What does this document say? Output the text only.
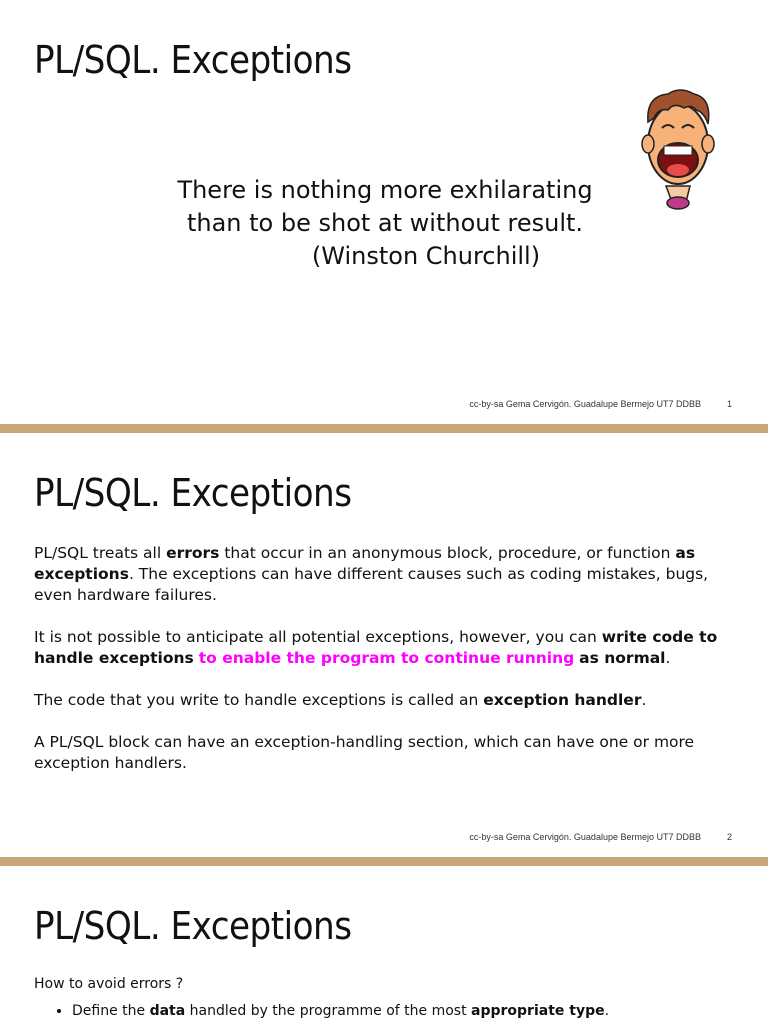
PL/SQL. Exceptions
There is nothing more exhilarating
than to be shot at without result.
(Winston Churchill)
cc-by-sa Gema Cervigón. Guadalupe Bermejo UT7 DDBB	1
PL/SQL. Exceptions

PL/SQL treats all errors that occur in an anonymous block, procedure, or function as exceptions. The exceptions can have different causes such as coding mistakes, bugs, even hardware failures.

It is not possible to anticipate all potential exceptions, however, you can write code to handle exceptions to enable the program to continue running as normal.

The code that you write to handle exceptions is called an exception handler.

A PL/SQL block can have an exception-handling section, which can have one or more exception handlers.

cc-by-sa Gema Cervigón. Guadalupe Bermejo UT7 DDBB	2
PL/SQL. Exceptions
How to avoid errors ?
• Define the data handled by the programme of the most appropriate type.
